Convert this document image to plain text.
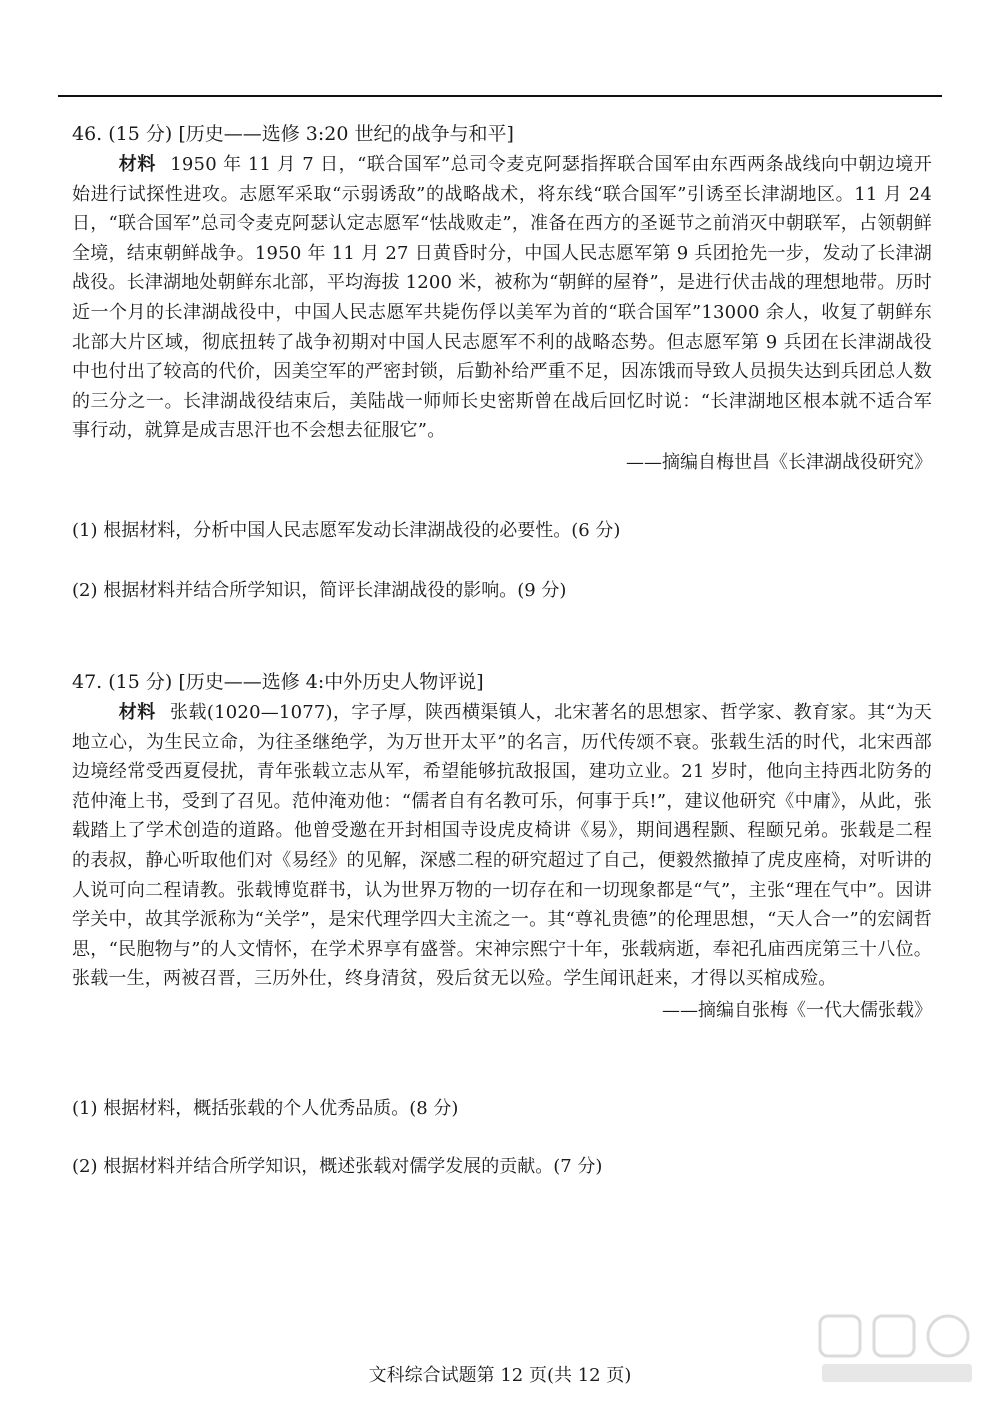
46. (15 分) [历史——选修 3:20 世纪的战争与和平]

材料 1950 年 11 月 7 日，“联合国军”总司令麦克阿瑟指挥联合国军由东西两条战线向中朝边境开始进行试探性进攻。志愿军采取“示弱诱敌”的战略战术，将东线“联合国军”引诱至长津湖地区。11 月 24 日，“联合国军”总司令麦克阿瑟认定志愿军“怯战败走”，准备在西方的圣诞节之前消灭中朝联军，占领朝鲜全境，结束朝鲜战争。1950 年 11 月 27 日黄昏时分，中国人民志愿军第 9 兵团抢先一步，发动了长津湖战役。长津湖地处朝鲜东北部，平均海拔 1200 米，被称为“朝鲜的屋脊”，是进行伏击战的理想地带。历时近一个月的长津湖战役中，中国人民志愿军共毙伤俘以美军为首的“联合国军”13000 余人，收复了朝鲜东北部大片区域，彻底扭转了战争初期对中国人民志愿军不利的战略态势。但志愿军第 9 兵团在长津湖战役中也付出了较高的代价，因美空军的严密封锁，后勤补给严重不足，因冻饿而导致人员损失达到兵团总人数的三分之一。长津湖战役结束后，美陆战一师师长史密斯曾在战后回忆时说：“长津湖地区根本就不适合军事行动，就算是成吉思汗也不会想去征服它”。

——摘编自梅世昌《长津湖战役研究》
(1) 根据材料，分析中国人民志愿军发动长津湖战役的必要性。(6 分)
(2) 根据材料并结合所学知识，简评长津湖战役的影响。(9 分)
47. (15 分) [历史——选修 4:中外历史人物评说]

材料 张载(1020—1077)，字子厚，陕西横渠镇人，北宋著名的思想家、哲学家、教育家。其“为天地立心，为生民立命，为往圣继绝学，为万世开太平”的名言，历代传颂不衰。张载生活的时代，北宋西部边境经常受西夏侵扰，青年张载立志从军，希望能够抗敌报国，建功立业。21 岁时，他向主持西北防务的范仲淹上书，受到了召见。范仲淹劝他：“儒者自有名教可乐，何事于兵!”，建议他研究《中庸》，从此，张载踏上了学术创造的道路。他曾受邀在开封相国寺设虎皮椅讲《易》，期间遇程颢、程颐兄弟。张载是二程的表叔，静心听取他们对《易经》的见解，深感二程的研究超过了自己，便毅然撤掉了虎皮座椅，对听讲的人说可向二程请教。张载博览群书，认为世界万物的一切存在和一切现象都是“气”，主张“理在气中”。因讲学关中，故其学派称为“关学”，是宋代理学四大主流之一。其“尊礼贵德”的伦理思想，“天人合一”的宏阔哲思，“民胞物与”的人文情怀，在学术界享有盛誉。宋神宗熙宁十年，张载病逝，奉祀孔庙西庑第三十八位。张载一生，两被召晋，三历外仕，终身清贫，殁后贫无以殓。学生闻讯赶来，才得以买棺成殓。

——摘编自张梅《一代大儒张载》
(1) 根据材料，概括张载的个人优秀品质。(8 分)
(2) 根据材料并结合所学知识，概述张载对儒学发展的贡献。(7 分)
文科综合试题第 12 页(共 12 页)
